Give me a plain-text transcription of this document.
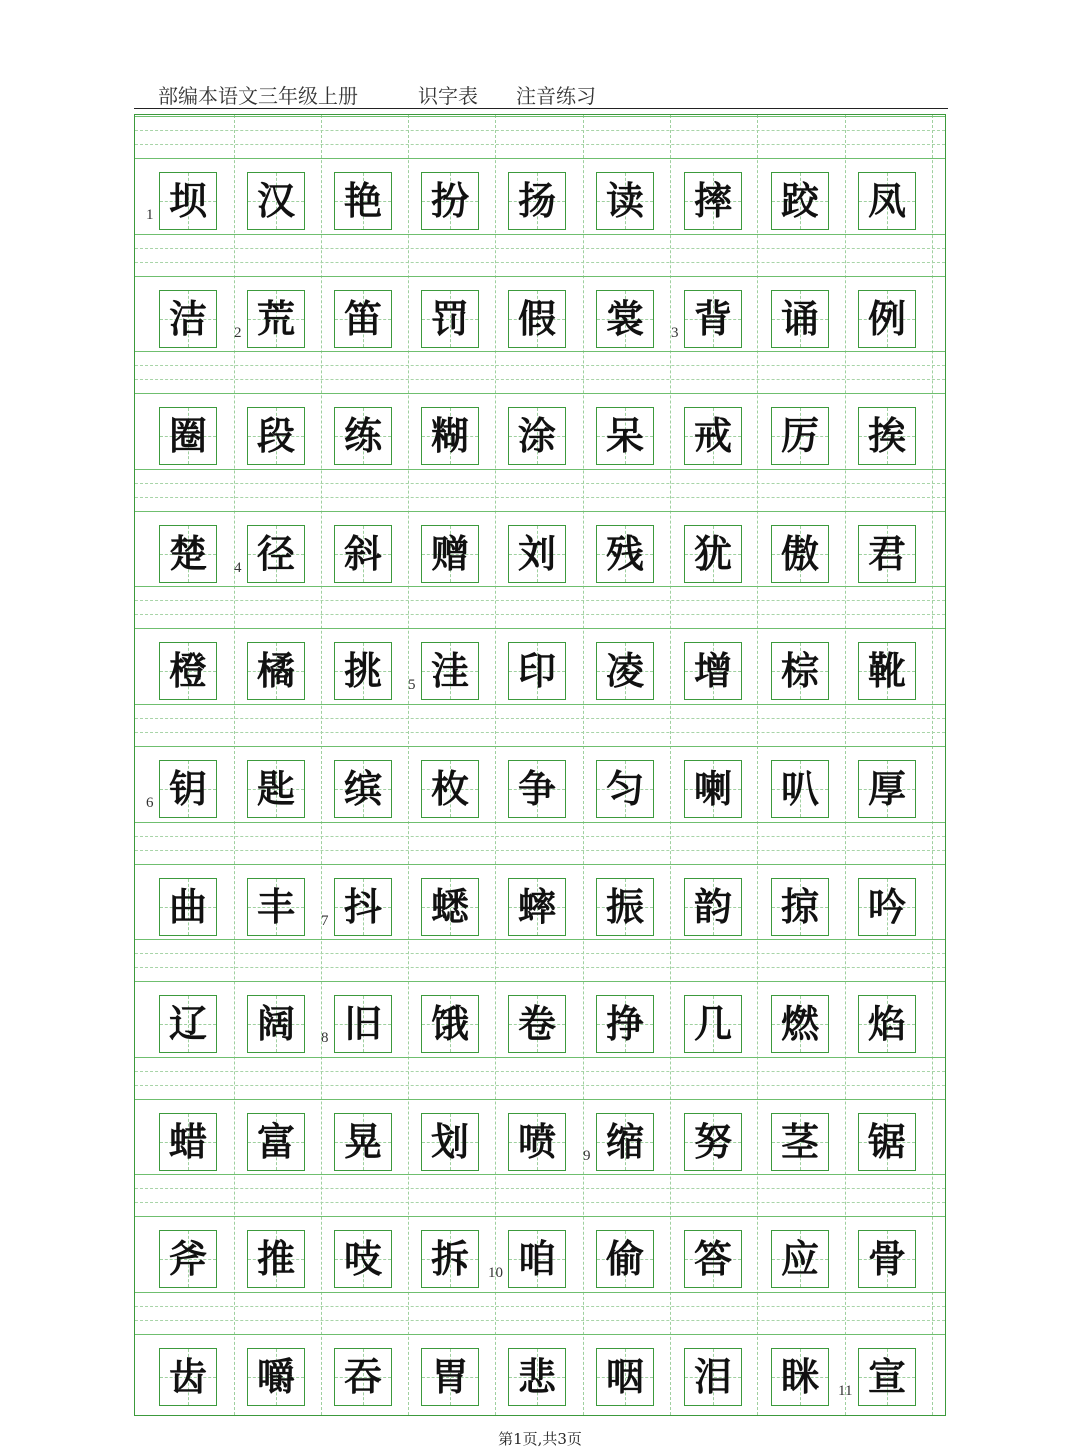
部编本语文三年级上册	识字表 注音练习
坝 汉 艳 扮 扬 读 摔 跤 凤
洁 荒 笛 罚 假 裳 背 诵 例
圈 段 练 糊 涂 呆 戒 厉 挨
楚 径 斜 赠 刘 残 犹 傲 君
橙 橘 挑 洼 印 凌 增 棕 靴
钥 匙 缤 枚 争 匀 喇 叭 厚
曲 丰 抖 蟋 蟀 振 韵 掠 吟
辽 阔 旧 饿 卷 挣 几 燃 焰
蜡 富 晃 划 喷 缩 努 茎 锯
斧 推 吱 拆 咱 偷 答 应 骨
齿 嚼 吞 胃 悲 咽 泪 眯 宣
1
2	3
4
5
6
7
8
9
10
11
第1页,共3页
